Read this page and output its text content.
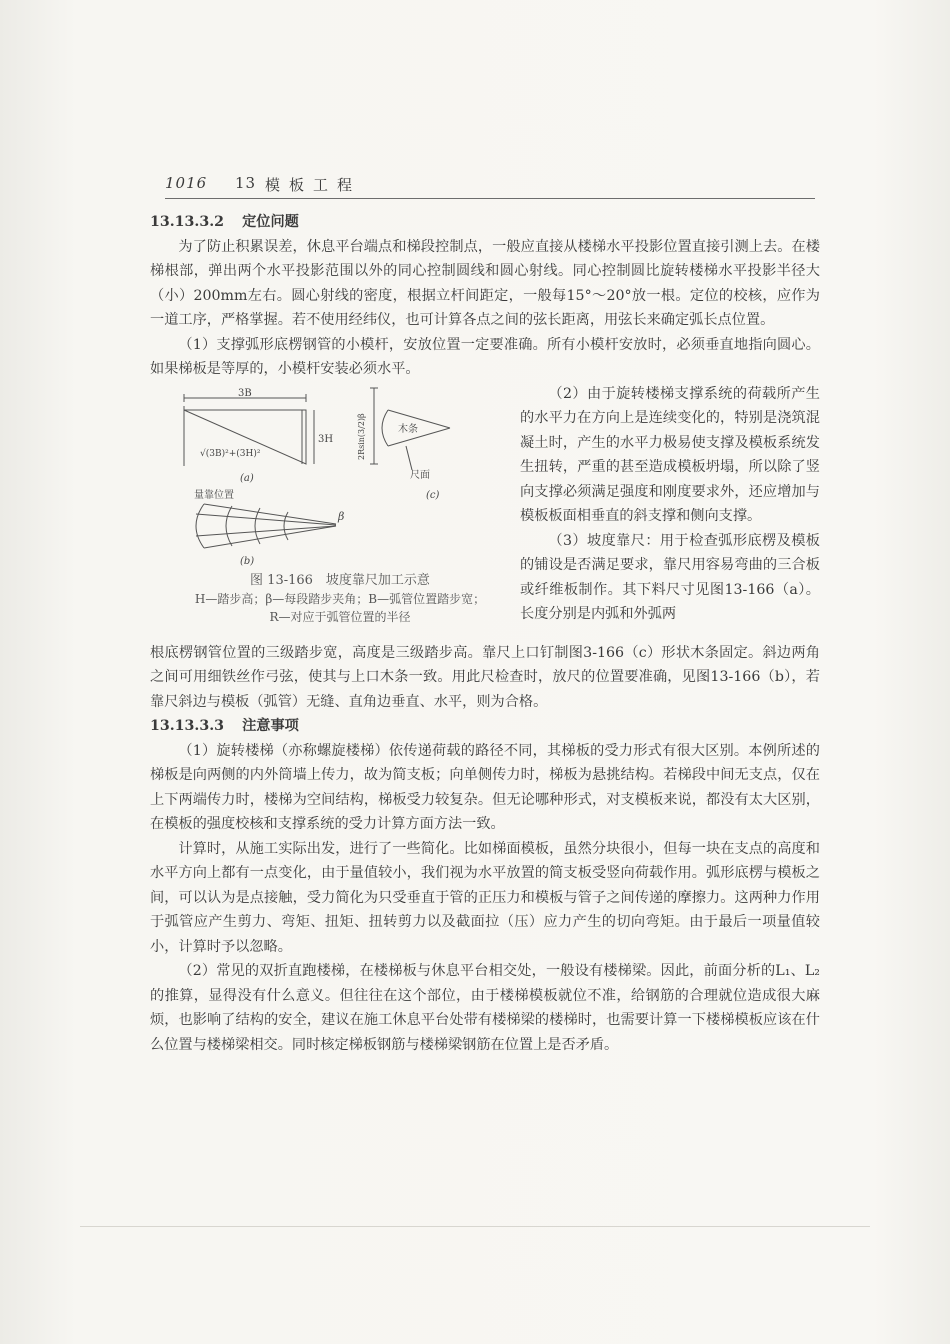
1016 13 模板工程

13.13.3.2 定位问题

为了防止积累误差，休息平台端点和梯段控制点，一般应直接从楼梯水平投影位置直接引测上去。在楼梯根部，弹出两个水平投影范围以外的同心控制圆线和圆心射线。同心控制圆比旋转楼梯水平投影半径大（小）200mm左右。圆心射线的密度，根据立杆间距定，一般每15°～20°放一根。定位的校核，应作为一道工序，严格掌握。若不使用经纬仪，也可计算各点之间的弦长距离，用弦长来确定弧长点位置。

（1）支撑弧形底楞钢管的小模杆，安放位置一定要准确。所有小模杆安放时，必须垂直地指向圆心。如果梯板是等厚的，小模杆安装必须水平。

3B
√(3B)²+(3H)²
3H
(a)
2Rsin(3/2)β	木条
尺面
(c)
量靠位置
β
(b)
图 13-166　坡度靠尺加工示意
H—踏步高；β—每段踏步夹角；B—弧管位置踏步宽；
R—对应于弧管位置的半径

（2）由于旋转楼梯支撑系统的荷载所产生的水平力在方向上是连续变化的，特别是浇筑混凝土时，产生的水平力极易使支撑及模板系统发生扭转，严重的甚至造成模板坍塌，所以除了竖向支撑必须满足强度和刚度要求外，还应增加与模板板面相垂直的斜支撑和侧向支撑。

（3）坡度靠尺：用于检查弧形底楞及模板的铺设是否满足要求，靠尺用容易弯曲的三合板或纤维板制作。其下料尺寸见图13-166（a）。长度分别是内弧和外弧两

根底楞钢管位置的三级踏步宽，高度是三级踏步高。靠尺上口钉制图3-166（c）形状木条固定。斜边两角之间可用细铁丝作弓弦，使其与上口木条一致。用此尺检查时，放尺的位置要准确，见图13-166（b），若靠尺斜边与模板（弧管）无缝、直角边垂直、水平，则为合格。

13.13.3.3 注意事项

（1）旋转楼梯（亦称螺旋楼梯）依传递荷载的路径不同，其梯板的受力形式有很大区别。本例所述的梯板是向两侧的内外筒墙上传力，故为简支板；向单侧传力时，梯板为悬挑结构。若梯段中间无支点，仅在上下两端传力时，楼梯为空间结构，梯板受力较复杂。但无论哪种形式，对支模板来说，都没有太大区别，在模板的强度校核和支撑系统的受力计算方面方法一致。

计算时，从施工实际出发，进行了一些简化。比如梯面模板，虽然分块很小，但每一块在支点的高度和水平方向上都有一点变化，由于量值较小，我们视为水平放置的简支板受竖向荷载作用。弧形底楞与模板之间，可以认为是点接触，受力简化为只受垂直于管的正压力和模板与管子之间传递的摩擦力。这两种力作用于弧管应产生剪力、弯矩、扭矩、扭转剪力以及截面拉（压）应力产生的切向弯矩。由于最后一项量值较小，计算时予以忽略。

（2）常见的双折直跑楼梯，在楼梯板与休息平台相交处，一般设有楼梯梁。因此，前面分析的L₁、L₂的推算，显得没有什么意义。但往往在这个部位，由于楼梯模板就位不准，给钢筋的合理就位造成很大麻烦，也影响了结构的安全，建议在施工休息平台处带有楼梯梁的楼梯时，也需要计算一下楼梯模板应该在什么位置与楼梯梁相交。同时核定梯板钢筋与楼梯梁钢筋在位置上是否矛盾。
